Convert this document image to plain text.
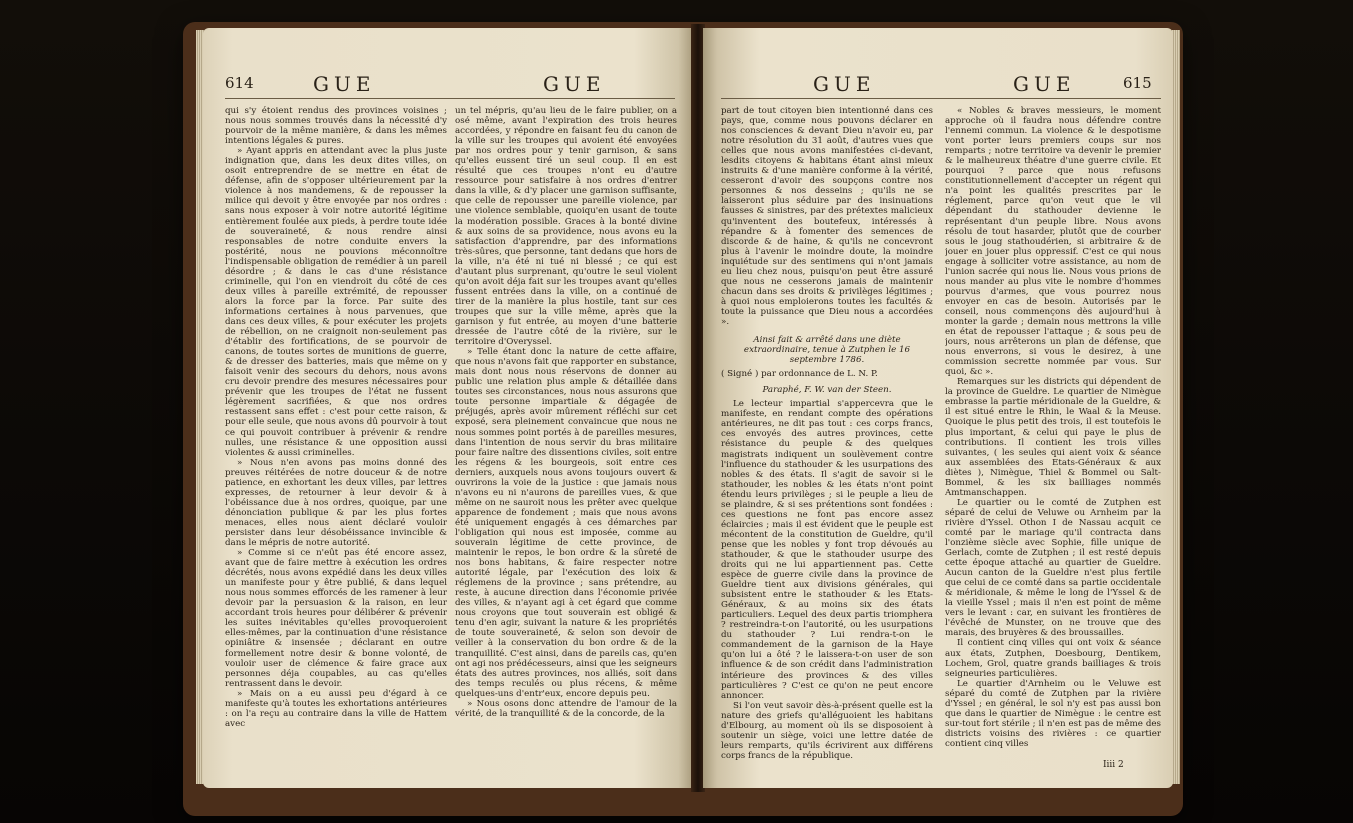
614	GUE	GUE

qui s'y étoient rendus des provinces voisines ; nous nous sommes trouvés dans la nécessité d'y pourvoir de la même manière, & dans les mêmes intentions légales & pures.

» Ayant appris en attendant avec la plus juste indignation que, dans les deux dites villes, on osoit entreprendre de se mettre en état de défense, afin de s'opposer ultérieurement par la violence à nos mandemens, & de repousser la milice qui devoit y être envoyée par nos ordres : sans nous exposer à voir notre autorité légitime entièrement foulée aux pieds, à perdre toute idée de souveraineté, & nous rendre ainsi responsables de notre conduite envers la postérité, nous ne pouvions méconnoître l'indispensable obligation de remédier à un pareil désordre ; & dans le cas d'une résistance criminelle, qui l'on en viendroit du côté de ces deux villes à pareille extrémité, de repousser alors la force par la force. Par suite des informations certaines à nous parvenues, que dans ces deux villes, & pour exécuter les projets de rébellion, on ne craignoit non-seulement pas d'établir des fortifications, de se pourvoir de canons, de toutes sortes de munitions de guerre, & de dresser des batteries, mais que même on y faisoit venir des secours du dehors, nous avons cru devoir prendre des mesures nécessaires pour prévenir que les troupes de l'état ne fussent légèrement sacrifiées, & que nos ordres restassent sans effet : c'est pour cette raison, & pour elle seule, que nous avons dû pourvoir à tout ce qui pouvoit contribuer à prévenir & rendre nulles, une résistance & une opposition aussi violentes & aussi criminelles.

» Nous n'en avons pas moins donné des preuves réitérées de notre douceur & de notre patience, en exhortant les deux villes, par lettres expresses, de retourner à leur devoir & à l'obéissance due à nos ordres, quoique, par une dénonciation publique & par les plus fortes menaces, elles nous aient déclaré vouloir persister dans leur désobéissance invincible & dans le mépris de notre autorité.

» Comme si ce n'eût pas été encore assez, avant que de faire mettre à exécution les ordres décrétés, nous avons expédié dans les deux villes un manifeste pour y être publié, & dans lequel nous nous sommes efforcés de les ramener à leur devoir par la persuasion & la raison, en leur accordant trois heures pour délibérer & prévenir les suites inévitables qu'elles provoqueroient elles-mêmes, par la continuation d'une résistance opiniâtre & insensée ; déclarant en outre formellement notre desir & bonne volonté, de vouloir user de clémence & faire grace aux personnes déja coupables, au cas qu'elles rentrassent dans le devoir.

» Mais on a eu aussi peu d'égard à ce manifeste qu'à toutes les exhortations antérieures : on l'a reçu au contraire dans la ville de Hattem avec

un tel mépris, qu'au lieu de le faire publier, on a osé même, avant l'expiration des trois heures accordées, y répondre en faisant feu du canon de la ville sur les troupes qui avoient été envoyées par nos ordres pour y tenir garnison, & sans qu'elles eussent tiré un seul coup. Il en est résulté que ces troupes n'ont eu d'autre ressource pour satisfaire à nos ordres d'entrer dans la ville, & d'y placer une garnison suffisante, que celle de repousser une pareille violence, par une violence semblable, quoiqu'en usant de toute la modération possible. Graces à la bonté divine & aux soins de sa providence, nous avons eu la satisfaction d'apprendre, par des informations très-sûres, que personne, tant dedans que hors de la ville, n'a été ni tué ni blessé ; ce qui est d'autant plus surprenant, qu'outre le seul violent qu'on avoit déja fait sur les troupes avant qu'elles fussent entrées dans la ville, on a continué de tirer de la manière la plus hostile, tant sur ces troupes que sur la ville même, après que la garnison y fut entrée, au moyen d'une batterie dressée de l'autre côté de la rivière, sur le territoire d'Overyssel.

» Telle étant donc la nature de cette affaire, que nous n'avons fait que rapporter en substance, mais dont nous nous réservons de donner au public une relation plus ample & détaillée dans toutes ses circonstances, nous nous assurons que toute personne impartiale & dégagée de préjugés, après avoir mûrement réfléchi sur cet exposé, sera pleinement convaincue que nous ne nous sommes point portés à de pareilles mesures, dans l'intention de nous servir du bras militaire pour faire naître des dissentions civiles, soit entre les régens & les bourgeois, soit entre ces derniers, auxquels nous avons toujours ouvert & ouvrirons la voie de la justice : que jamais nous n'avons eu ni n'aurons de pareilles vues, & que même on ne sauroit nous les prêter avec quelque apparence de fondement ; mais que nous avons été uniquement engagés à ces démarches par l'obligation qui nous est imposée, comme au souverain légitime de cette province, de maintenir le repos, le bon ordre & la sûreté de nos bons habitans, & faire respecter notre autorité légale, par l'exécution des loix & réglemens de la province ; sans prétendre, au reste, à aucune direction dans l'économie privée des villes, & n'ayant agi à cet égard que comme nous croyons que tout souverain est obligé & tenu d'en agir, suivant la nature & les propriétés de toute souveraineté, & selon son devoir de veiller à la conservation du bon ordre & de la tranquillité. C'est ainsi, dans de pareils cas, qu'en ont agi nos prédécesseurs, ainsi que les seigneurs états des autres provinces, nos alliés, soit dans des temps reculés ou plus récens, & même quelques-uns d'entr'eux, encore depuis peu.

» Nous osons donc attendre de l'amour de la vérité, de la tranquillité & de la concorde, de la

GUE	GUE	615

part de tout citoyen bien intentionné dans ces pays, que, comme nous pouvons déclarer en nos consciences & devant Dieu n'avoir eu, par notre résolution du 31 août, d'autres vues que celles que nous avons manifestées ci-devant, lesdits citoyens & habitans étant ainsi mieux instruits & d'une manière conforme à la vérité, cesseront d'avoir des soupçons contre nos personnes & nos desseins ; qu'ils ne se laisseront plus séduire par des insinuations fausses & sinistres, par des prétextes malicieux qu'inventent des boutefeux, intéressés à répandre & à fomenter des semences de discorde & de haine, & qu'ils ne concevront plus à l'avenir le moindre doute, la moindre inquiétude sur des sentimens qui n'ont jamais eu lieu chez nous, puisqu'on peut être assuré que nous ne cesserons jamais de maintenir chacun dans ses droits & privilèges légitimes ; à quoi nous emploierons toutes les facultés & toute la puissance que Dieu nous a accordées ».

Ainsi fait & arrêté dans une diète extraordinaire, tenue à Zutphen le 16 septembre 1786.

( Signé ) par ordonnance de L. N. P.

Paraphé, F. W. van der Steen.

Le lecteur impartial s'appercevra que le manifeste, en rendant compte des opérations antérieures, ne dit pas tout : ces corps francs, ces envoyés des autres provinces, cette résistance du peuple & des quelques magistrats indiquent un soulèvement contre l'influence du stathouder & les usurpations des nobles & des états. Il s'agit de savoir si le stathouder, les nobles & les états n'ont point étendu leurs privilèges ; si le peuple a lieu de se plaindre, & si ses prétentions sont fondées : ces questions ne font pas encore assez éclaircies ; mais il est évident que le peuple est mécontent de la constitution de Gueldre, qu'il pense que les nobles y font trop dévoués au stathouder, & que le stathouder usurpe des droits qui ne lui appartiennent pas. Cette espèce de guerre civile dans la province de Gueldre tient aux divisions générales, qui subsistent entre le stathouder & les Etats-Généraux, & au moins six des états particuliers. Lequel des deux partis triomphera ? restreindra-t-on l'autorité, ou les usurpations du stathouder ? Lui rendra-t-on le commandement de la garnison de la Haye qu'on lui a ôté ? le laissera-t-on user de son influence & de son crédit dans l'administration intérieure des provinces & des villes particulières ? C'est ce qu'on ne peut encore annoncer.

Si l'on veut savoir dès-à-présent quelle est la nature des griefs qu'alléguoient les habitans d'Elbourg, au moment où ils se disposoient à soutenir un siège, voici une lettre datée de leurs remparts, qu'ils écrivirent aux différens corps francs de la république.

« Nobles & braves messieurs, le moment approche où il faudra nous défendre contre l'ennemi commun. La violence & le despotisme vont porter leurs premiers coups sur nos remparts ; notre territoire va devenir le premier & le malheureux théatre d'une guerre civile. Et pourquoi ? parce que nous refusons constitutionnellement d'accepter un régent qui n'a point les qualités prescrites par le réglement, parce qu'on veut que le vil dépendant du stathouder devienne le représentant d'un peuple libre. Nous avons résolu de tout hasarder, plutôt que de courber sous le joug stathoudérien, si arbitraire & de jouer en jouer plus oppressif. C'est ce qui nous engage à solliciter votre assistance, au nom de l'union sacrée qui nous lie. Nous vous prions de nous mander au plus vite le nombre d'hommes pourvus d'armes, que vous pourrez nous envoyer en cas de besoin. Autorisés par le conseil, nous commençons dès aujourd'hui à monter la garde ; demain nous mettrons la ville en état de repousser l'attaque ; & sous peu de jours, nous arrêterons un plan de défense, que nous enverrons, si vous le desirez, à une commission secrette nommée par vous. Sur quoi, &c ».

Remarques sur les districts qui dépendent de la province de Gueldre. Le quartier de Nimègue embrasse la partie méridionale de la Gueldre, & il est situé entre le Rhin, le Waal & la Meuse. Quoique le plus petit des trois, il est toutefois le plus important, & celui qui paye le plus de contributions. Il contient les trois villes suivantes, ( les seules qui aient voix & séance aux assemblées des Etats-Généraux & aux diètes ), Nimègue, Thiel & Bommel ou Salt-Bommel, & les six bailliages nommés Amtmanschappen.

Le quartier ou le comté de Zutphen est séparé de celui de Veluwe ou Arnheim par la rivière d'Yssel. Othon I de Nassau acquit ce comté par le mariage qu'il contracta dans l'onzième siècle avec Sophie, fille unique de Gerlach, comte de Zutphen ; il est resté depuis cette époque attaché au quartier de Gueldre. Aucun canton de la Gueldre n'est plus fertile que celui de ce comté dans sa partie occidentale & méridionale, & même le long de l'Yssel & de la vieille Yssel ; mais il n'en est point de même vers le levant : car, en suivant les frontières de l'évêché de Munster, on ne trouve que des marais, des bruyères & des broussailles.

Il contient cinq villes qui ont voix & séance aux états, Zutphen, Doesbourg, Dentikem, Lochem, Grol, quatre grands bailliages & trois seigneuries particulières.

Le quartier d'Arnheim ou le Veluwe est séparé du comté de Zutphen par la rivière d'Yssel ; en général, le sol n'y est pas aussi bon que dans le quartier de Nimègue : le centre est sur-tout fort stérile ; il n'en est pas de même des districts voisins des rivières : ce quartier contient cinq villes

Iiii 2
